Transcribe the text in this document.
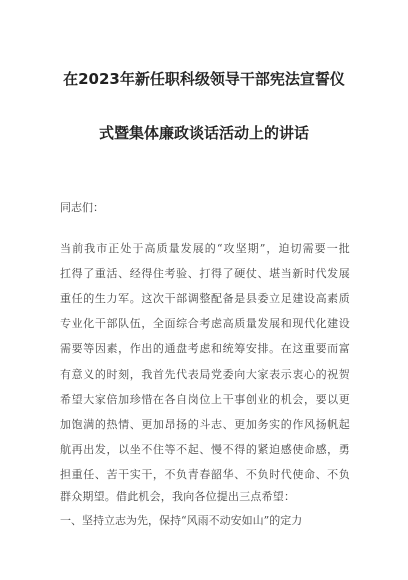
在2023年新任职科级领导干部宪法宣誓仪
式暨集体廉政谈话活动上的讲话
同志们：
当前我市正处于高质量发展的“攻坚期”，迫切需要一批
扛得了重活、经得住考验、打得了硬仗、堪当新时代发展
重任的生力军。这次干部调整配备是县委立足建设高素质
专业化干部队伍，全面综合考虑高质量发展和现代化建设
需要等因素，作出的通盘考虑和统筹安排。在这重要而富
有意义的时刻，我首先代表局党委向大家表示衷心的祝贺
希望大家倍加珍惜在各自岗位上干事创业的机会，要以更
加饱满的热情、更加昂扬的斗志、更加务实的作风扬帆起
航再出发，以坐不住等不起、慢不得的紧迫感使命感，勇
担重任、苦干实干，不负青春韶华、不负时代使命、不负
群众期望。借此机会，我向各位提出三点希望：
一、坚持立志为先，保持“风雨不动安如山”的定力
